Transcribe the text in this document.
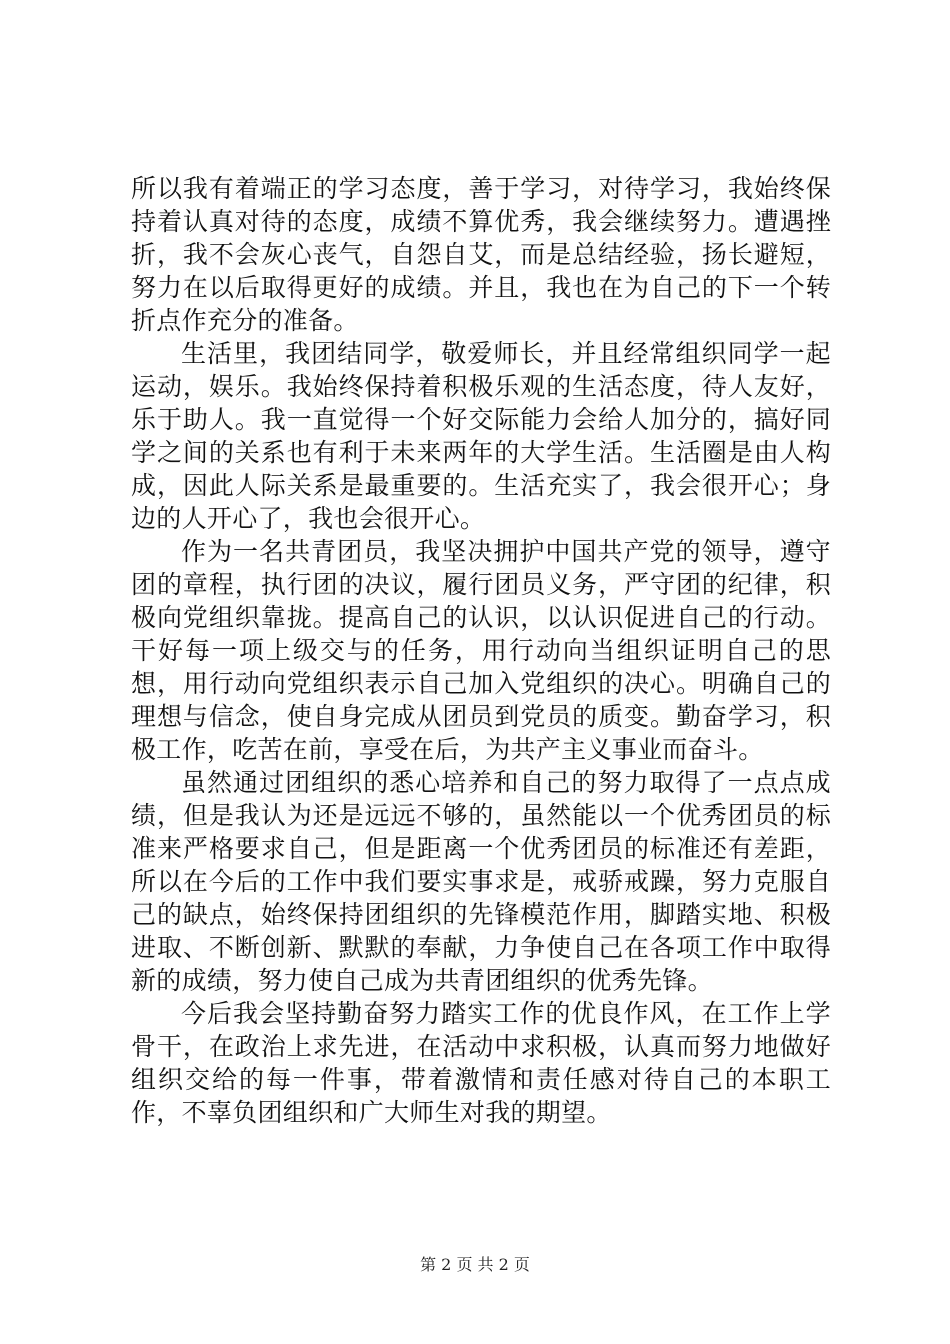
所以我有着端正的学习态度，善于学习，对待学习，我始终保持着认真对待的态度，成绩不算优秀，我会继续努力。遭遇挫折，我不会灰心丧气，自怨自艾，而是总结经验，扬长避短，努力在以后取得更好的成绩。并且，我也在为自己的下一个转折点作充分的准备。

生活里，我团结同学，敬爱师长，并且经常组织同学一起运动，娱乐。我始终保持着积极乐观的生活态度，待人友好，乐于助人。我一直觉得一个好交际能力会给人加分的，搞好同学之间的关系也有利于未来两年的大学生活。生活圈是由人构成，因此人际关系是最重要的。生活充实了，我会很开心；身边的人开心了，我也会很开心。

作为一名共青团员，我坚决拥护中国共产党的领导，遵守团的章程，执行团的决议，履行团员义务，严守团的纪律，积极向党组织靠拢。提高自己的认识，以认识促进自己的行动。干好每一项上级交与的任务，用行动向当组织证明自己的思想，用行动向党组织表示自己加入党组织的决心。明确自己的理想与信念，使自身完成从团员到党员的质变。勤奋学习，积极工作，吃苦在前，享受在后，为共产主义事业而奋斗。

虽然通过团组织的悉心培养和自己的努力取得了一点点成绩，但是我认为还是远远不够的，虽然能以一个优秀团员的标准来严格要求自己，但是距离一个优秀团员的标准还有差距，所以在今后的工作中我们要实事求是，戒骄戒躁，努力克服自己的缺点，始终保持团组织的先锋模范作用，脚踏实地、积极进取、不断创新、默默的奉献，力争使自己在各项工作中取得新的成绩，努力使自己成为共青团组织的优秀先锋。

今后我会坚持勤奋努力踏实工作的优良作风，在工作上学骨干，在政治上求先进，在活动中求积极，认真而努力地做好组织交给的每一件事，带着激情和责任感对待自己的本职工作，不辜负团组织和广大师生对我的期望。

第 2 页 共 2 页
